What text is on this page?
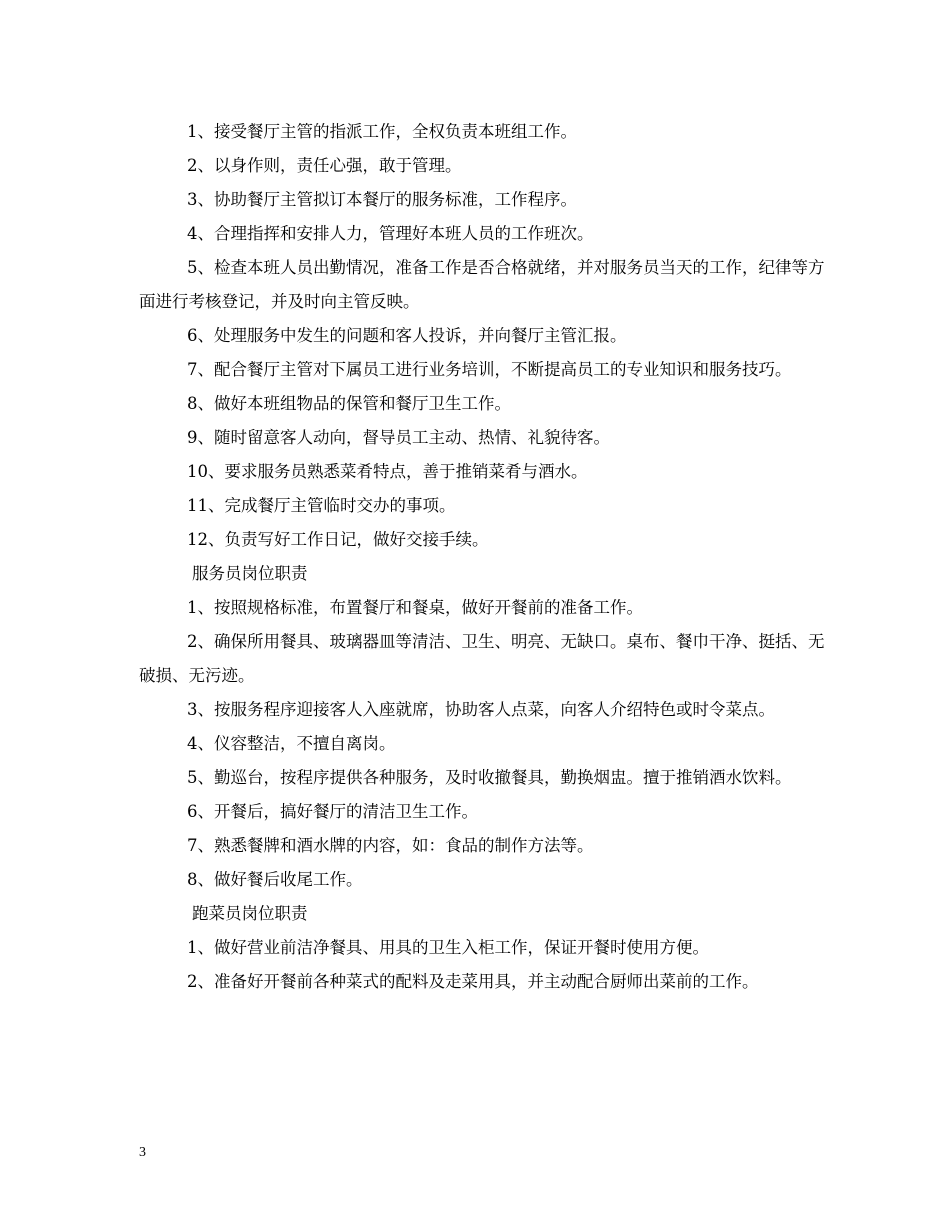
1、接受餐厅主管的指派工作，全权负责本班组工作。

2、以身作则，责任心强，敢于管理。

3、协助餐厅主管拟订本餐厅的服务标准，工作程序。

4、合理指挥和安排人力，管理好本班人员的工作班次。

5、检查本班人员出勤情况，准备工作是否合格就绪，并对服务员当天的工作，纪律等方面进行考核登记，并及时向主管反映。

6、处理服务中发生的问题和客人投诉，并向餐厅主管汇报。

7、配合餐厅主管对下属员工进行业务培训，不断提高员工的专业知识和服务技巧。

8、做好本班组物品的保管和餐厅卫生工作。

9、随时留意客人动向，督导员工主动、热情、礼貌待客。

10、要求服务员熟悉菜肴特点，善于推销菜肴与酒水。

11、完成餐厅主管临时交办的事项。

12、负责写好工作日记，做好交接手续。

服务员岗位职责

1、按照规格标准，布置餐厅和餐桌，做好开餐前的准备工作。

2、确保所用餐具、玻璃器皿等清洁、卫生、明亮、无缺口。桌布、餐巾干净、挺括、无破损、无污迹。

3、按服务程序迎接客人入座就席，协助客人点菜，向客人介绍特色或时令菜点。

4、仪容整洁，不擅自离岗。

5、勤巡台，按程序提供各种服务，及时收撤餐具，勤换烟盅。擅于推销酒水饮料。

6、开餐后，搞好餐厅的清洁卫生工作。

7、熟悉餐牌和酒水牌的内容，如：食品的制作方法等。

8、做好餐后收尾工作。

跑菜员岗位职责

1、做好营业前洁净餐具、用具的卫生入柜工作，保证开餐时使用方便。

2、准备好开餐前各种菜式的配料及走菜用具，并主动配合厨师出菜前的工作。

3
